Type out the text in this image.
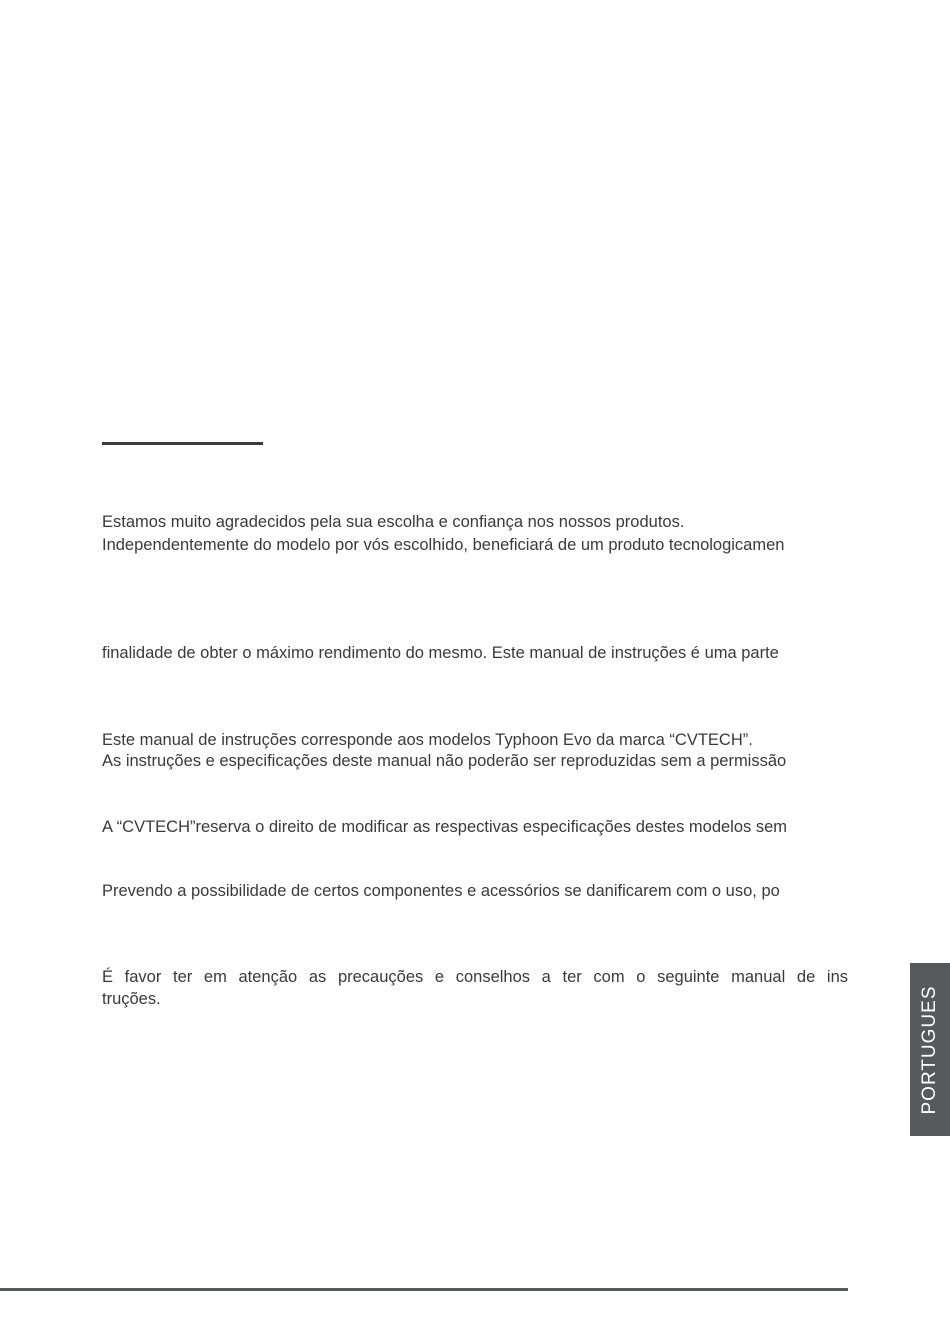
Estamos muito agradecidos pela sua escolha e confiança nos nossos produtos.
Independentemente do modelo por vós escolhido, beneficiará de um produto tecnologicamen
finalidade de obter o máximo rendimento do mesmo. Este manual de instruções é uma parte
Este manual de instruções corresponde aos modelos Typhoon Evo da marca “CVTECH”.
As instruções e especificações deste manual não poderão ser reproduzidas sem a permissão
A “CVTECH”reserva o direito de modificar as respectivas especificações destes modelos sem
Prevendo a possibilidade de certos componentes e acessórios se danificarem com o uso, po
É favor ter em atenção as precauções e conselhos a ter com o seguinte manual de ins
truções.	PORTUGUES
